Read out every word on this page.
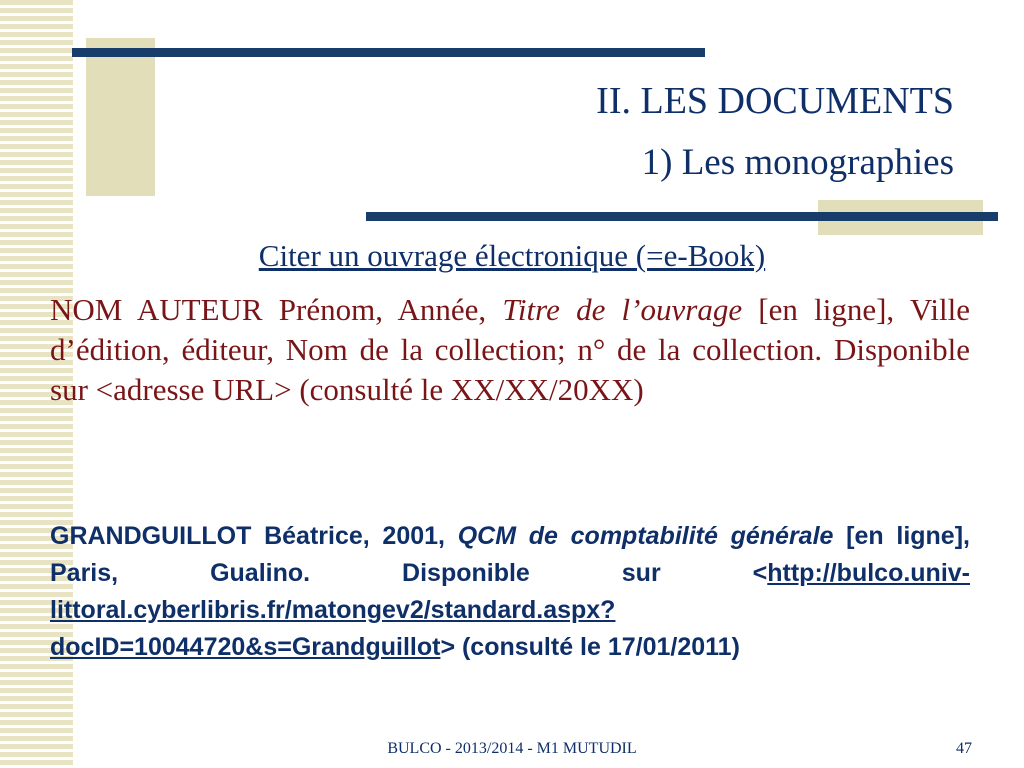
II. LES DOCUMENTS
1) Les monographies
Citer un ouvrage électronique (=e-Book)
NOM AUTEUR Prénom, Année, Titre de l’ouvrage [en ligne], Ville d’édition, éditeur, Nom de la collection; n° de la collection. Disponible sur <adresse URL> (consulté le XX/XX/20XX)
GRANDGUILLOT Béatrice, 2001, QCM de comptabilité générale [en ligne], Paris, Gualino. Disponible sur <http://bulco.univ-littoral.cyberlibris.fr/matongev2/standard.aspx?docID=10044720&s=Grandguillot> (consulté le 17/01/2011)
BULCO - 2013/2014 - M1 MUTUDIL	47
